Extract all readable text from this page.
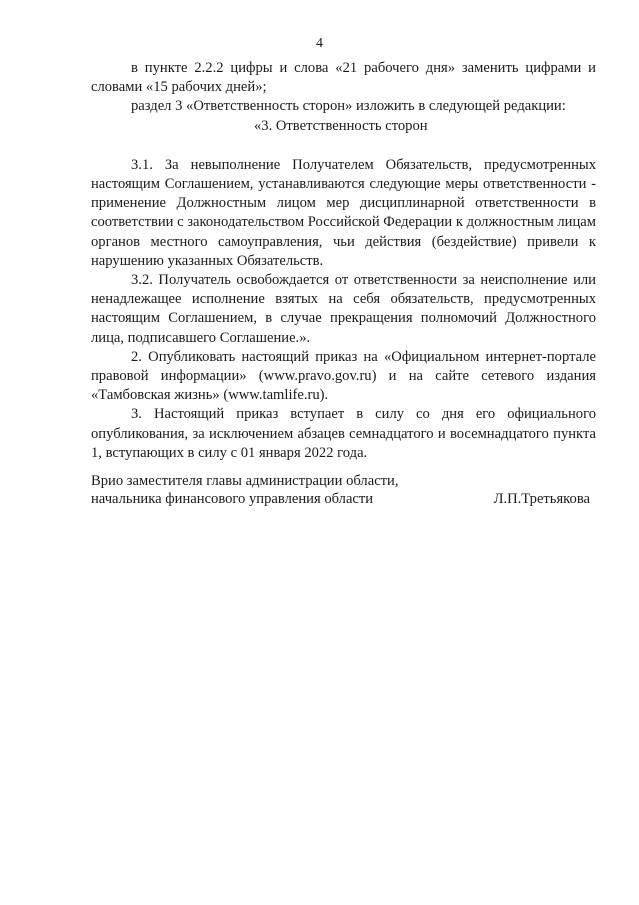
4

в пункте 2.2.2 цифры и слова «21 рабочего дня» заменить цифрами и словами «15 рабочих дней»;

раздел 3 «Ответственность сторон» изложить в следующей редакции:

«3. Ответственность сторон

3.1. За невыполнение Получателем Обязательств, предусмотренных настоящим Соглашением, устанавливаются следующие меры ответственности - применение Должностным лицом мер дисциплинарной ответственности в соответствии с законодательством Российской Федерации к должностным лицам органов местного самоуправления, чьи действия (бездействие) привели к нарушению указанных Обязательств.

3.2. Получатель освобождается от ответственности за неисполнение или ненадлежащее исполнение взятых на себя обязательств, предусмотренных настоящим Соглашением, в случае прекращения полномочий Должностного лица, подписавшего Соглашение.».

2. Опубликовать настоящий приказ на «Официальном интернет-портале правовой информации» (www.pravo.gov.ru) и на сайте сетевого издания «Тамбовская жизнь» (www.tamlife.ru).

3. Настоящий приказ вступает в силу со дня его официального опубликования, за исключением абзацев семнадцатого и восемнадцатого пункта 1, вступающих в силу с 01 января 2022 года.

Врио заместителя главы администрации области,

начальника финансового управления области	Л.П.Третьякова
